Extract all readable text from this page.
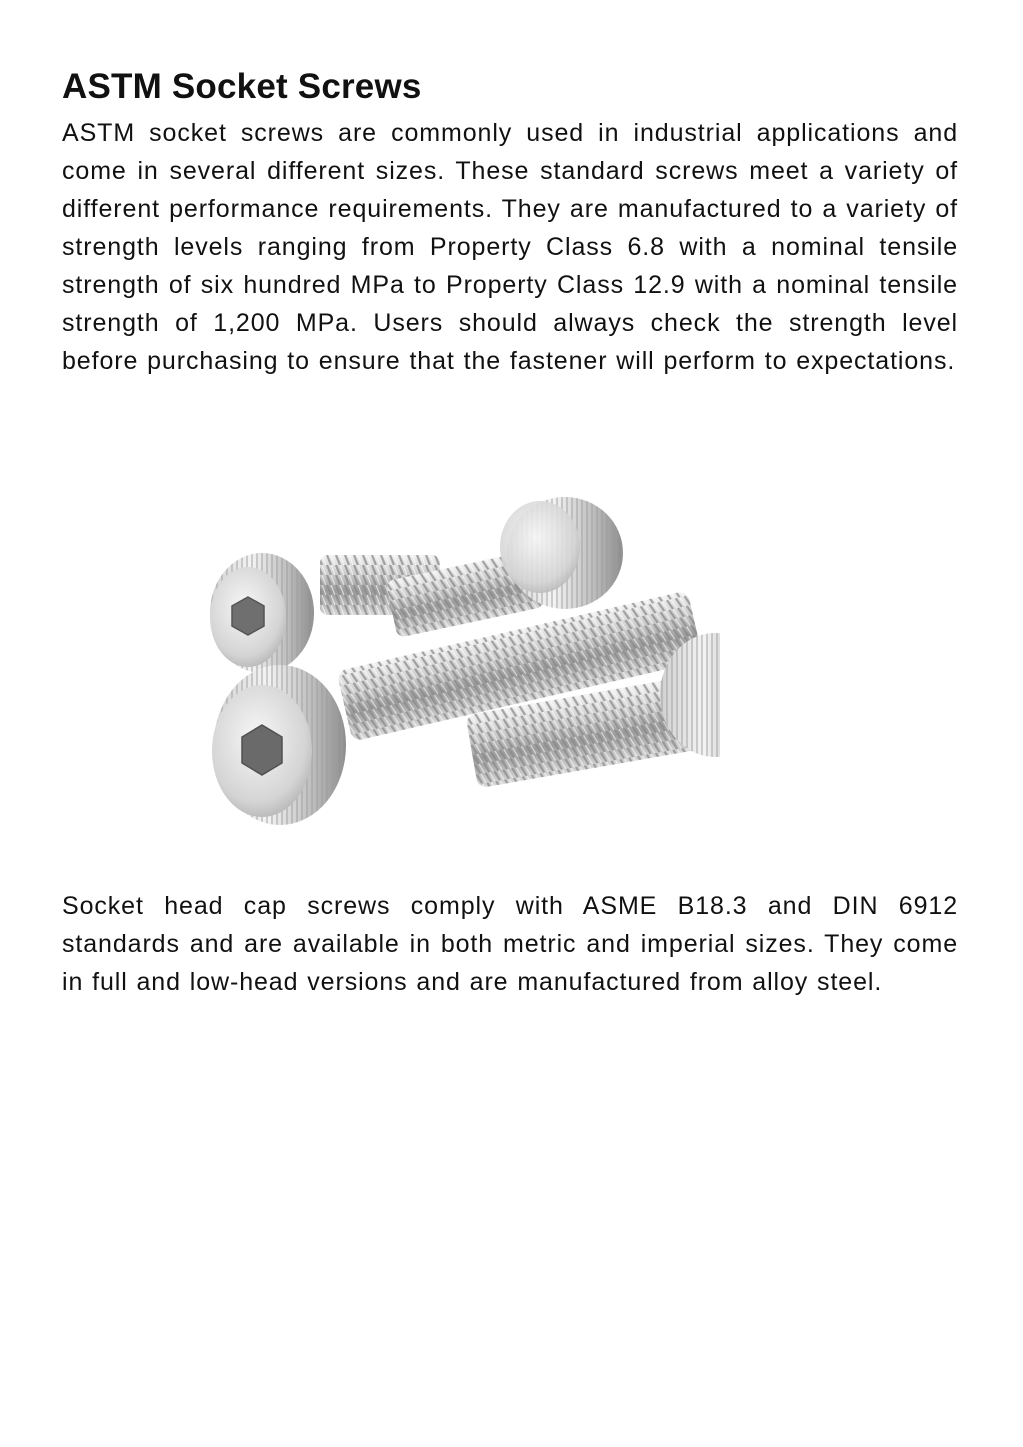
ASTM Socket Screws

ASTM socket screws are commonly used in industrial applications and come in several different sizes. These standard screws meet a variety of different performance requirements. They are manufactured to a variety of strength levels ranging from Property Class 6.8 with a nominal tensile strength of six hundred MPa to Property Class 12.9 with a nominal tensile strength of 1,200 MPa. Users should always check the strength level before purchasing to ensure that the fastener will perform to expectations.

Socket head cap screws comply with ASME B18.3 and DIN 6912 standards and are available in both metric and imperial sizes. They come in full and low-head versions and are manufactured from alloy steel.
